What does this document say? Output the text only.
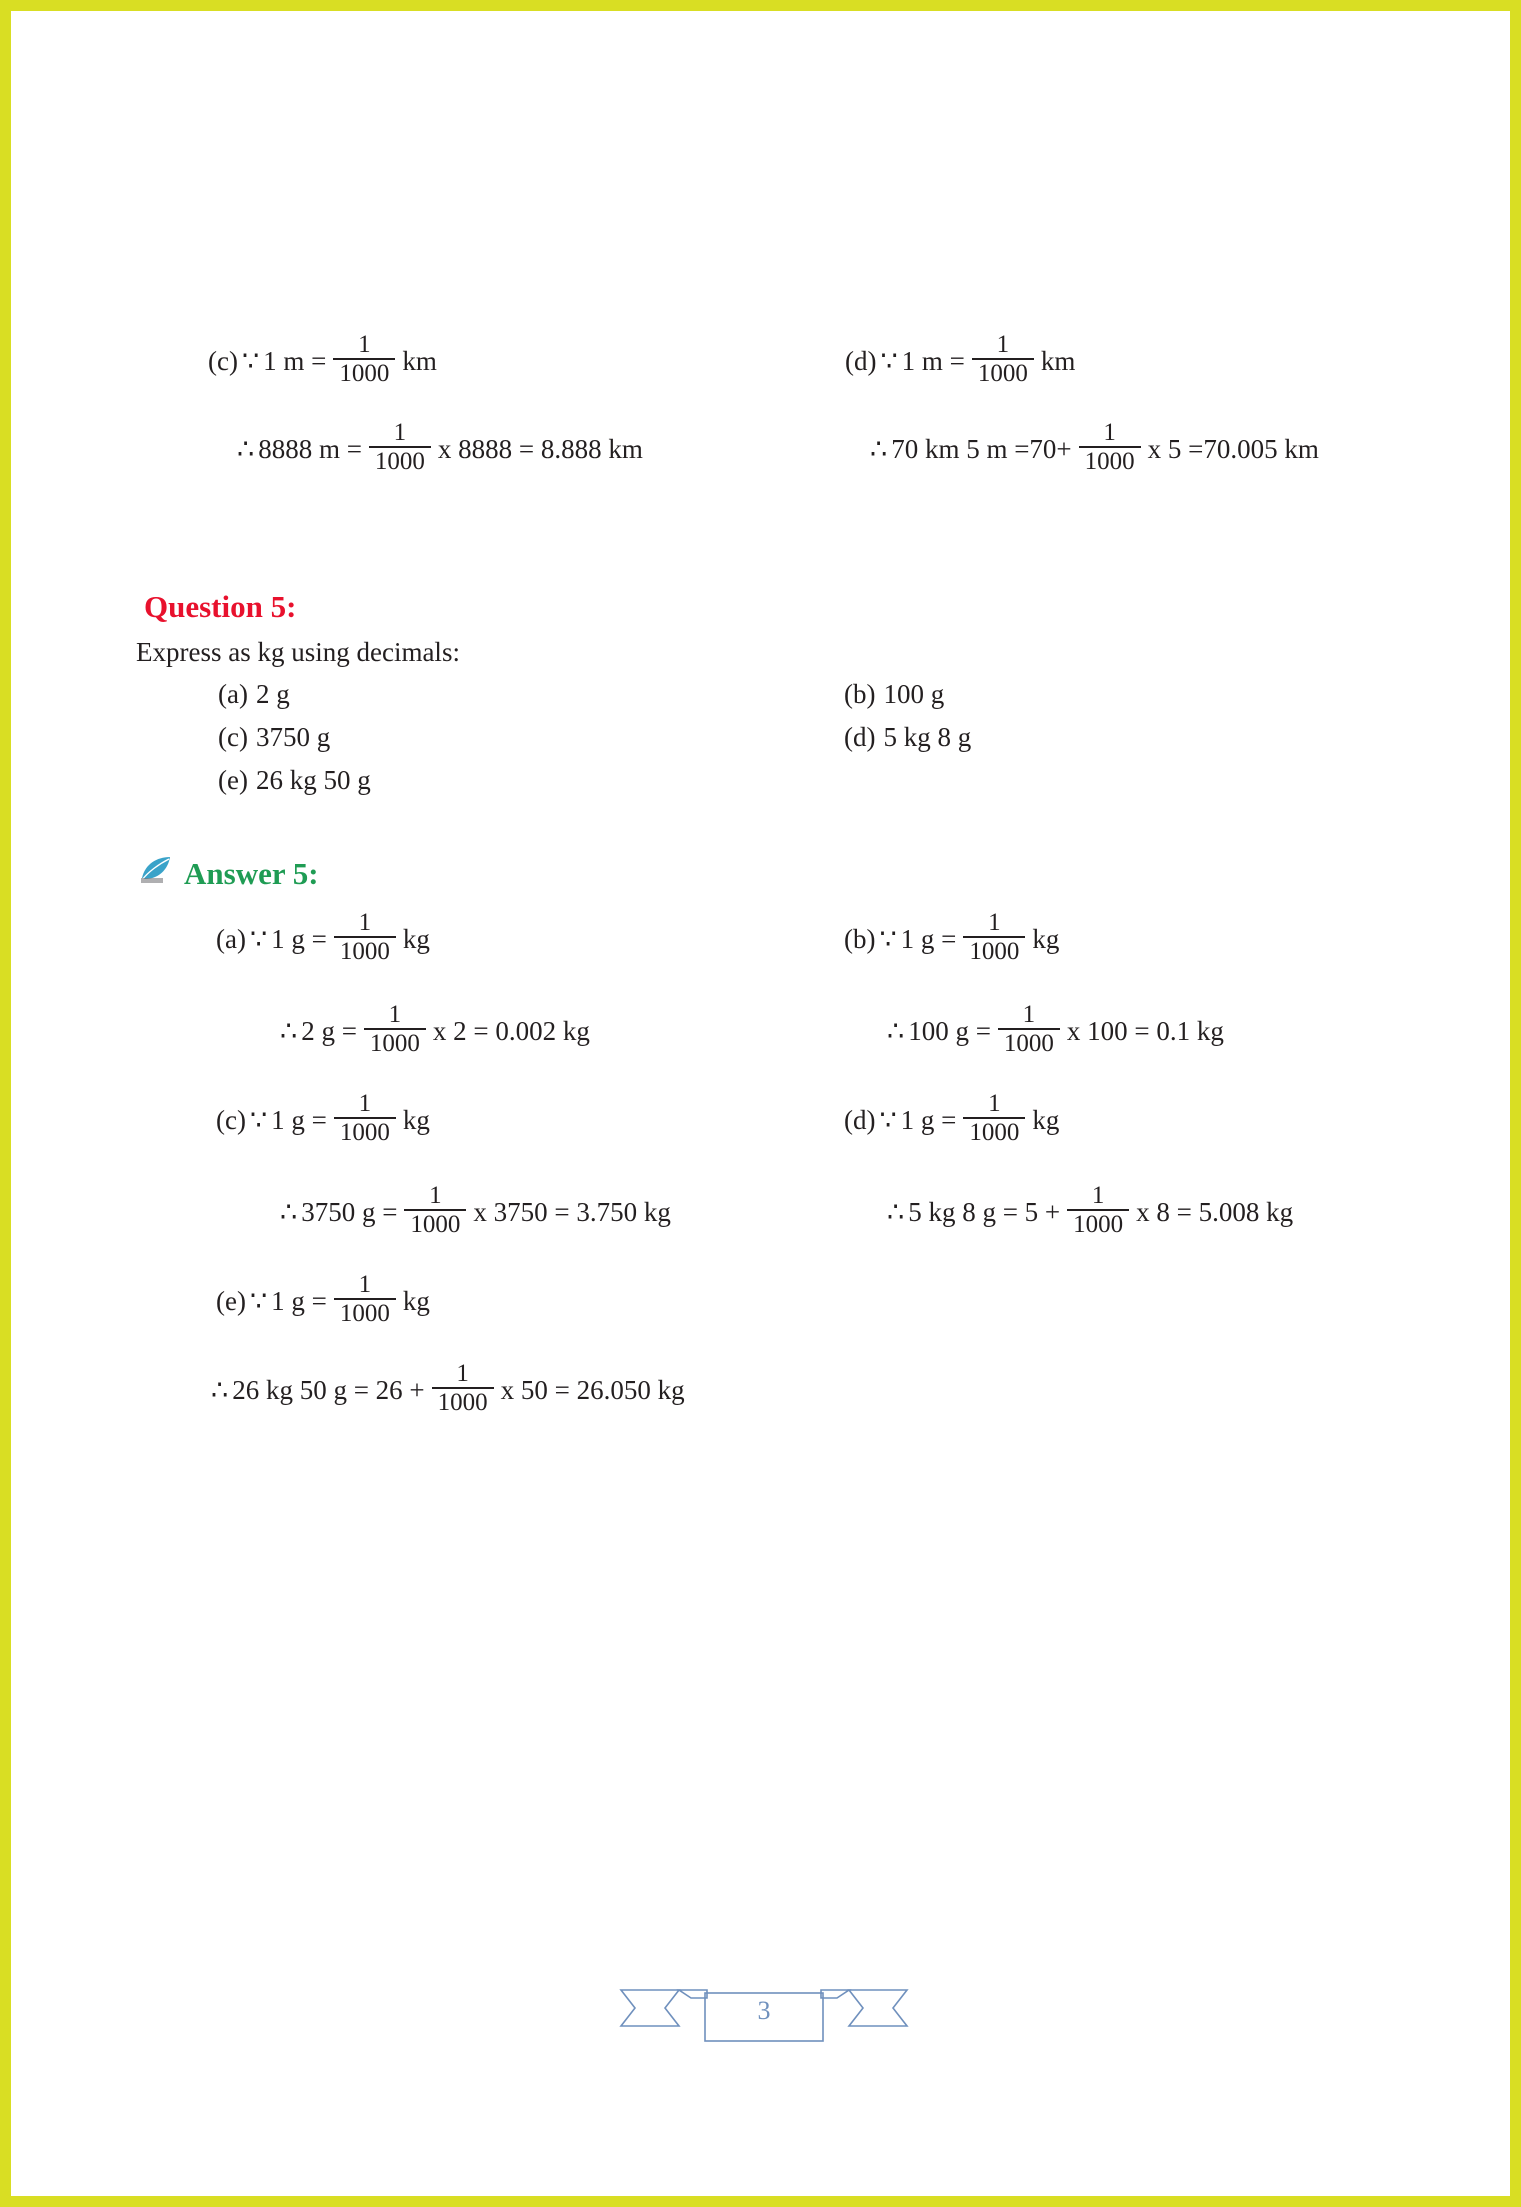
(c) ∵ 1 $m = \frac{1}{1000}$ km
∴ 8888 $m = \frac{1}{1000}$ x 8888 = 8.888 km
(d) ∵ 1 $m = \frac{1}{1000}$ km
∴ 70 km 5 $m =70+ \frac{1}{1000}$ x 5 =70.005 km
Question 5:
Express as kg using decimals:
(a) 2 g	(b) 100 g
(c) 3750 g	(d) 5 kg 8 g
(e) 26 kg 50 g
Answer 5:
(a) ∵ 1 $g = \frac{1}{1000}$ kg
∴ 2 $g = \frac{1}{1000}$ x 2 = 0.002 kg
(b) ∵ 1 $g = \frac{1}{1000}$ kg
∴ 100 $g = \frac{1}{1000}$ x 100 = 0.1 kg
(c) ∵ 1 $g = \frac{1}{1000}$ kg
∴ 3750 $g = \frac{1}{1000}$ x 3750 = 3.750 kg
(d) ∵ 1 $g = \frac{1}{1000}$ kg
∴ 5 kg 8 $g = 5 + \frac{1}{1000}$ x 8 = 5.008 kg
(e) ∵ 1 $g = \frac{1}{1000}$ kg
∴ 26 kg 50 $g = 26 + \frac{1}{1000}$ x 50 = 26.050 kg
3
